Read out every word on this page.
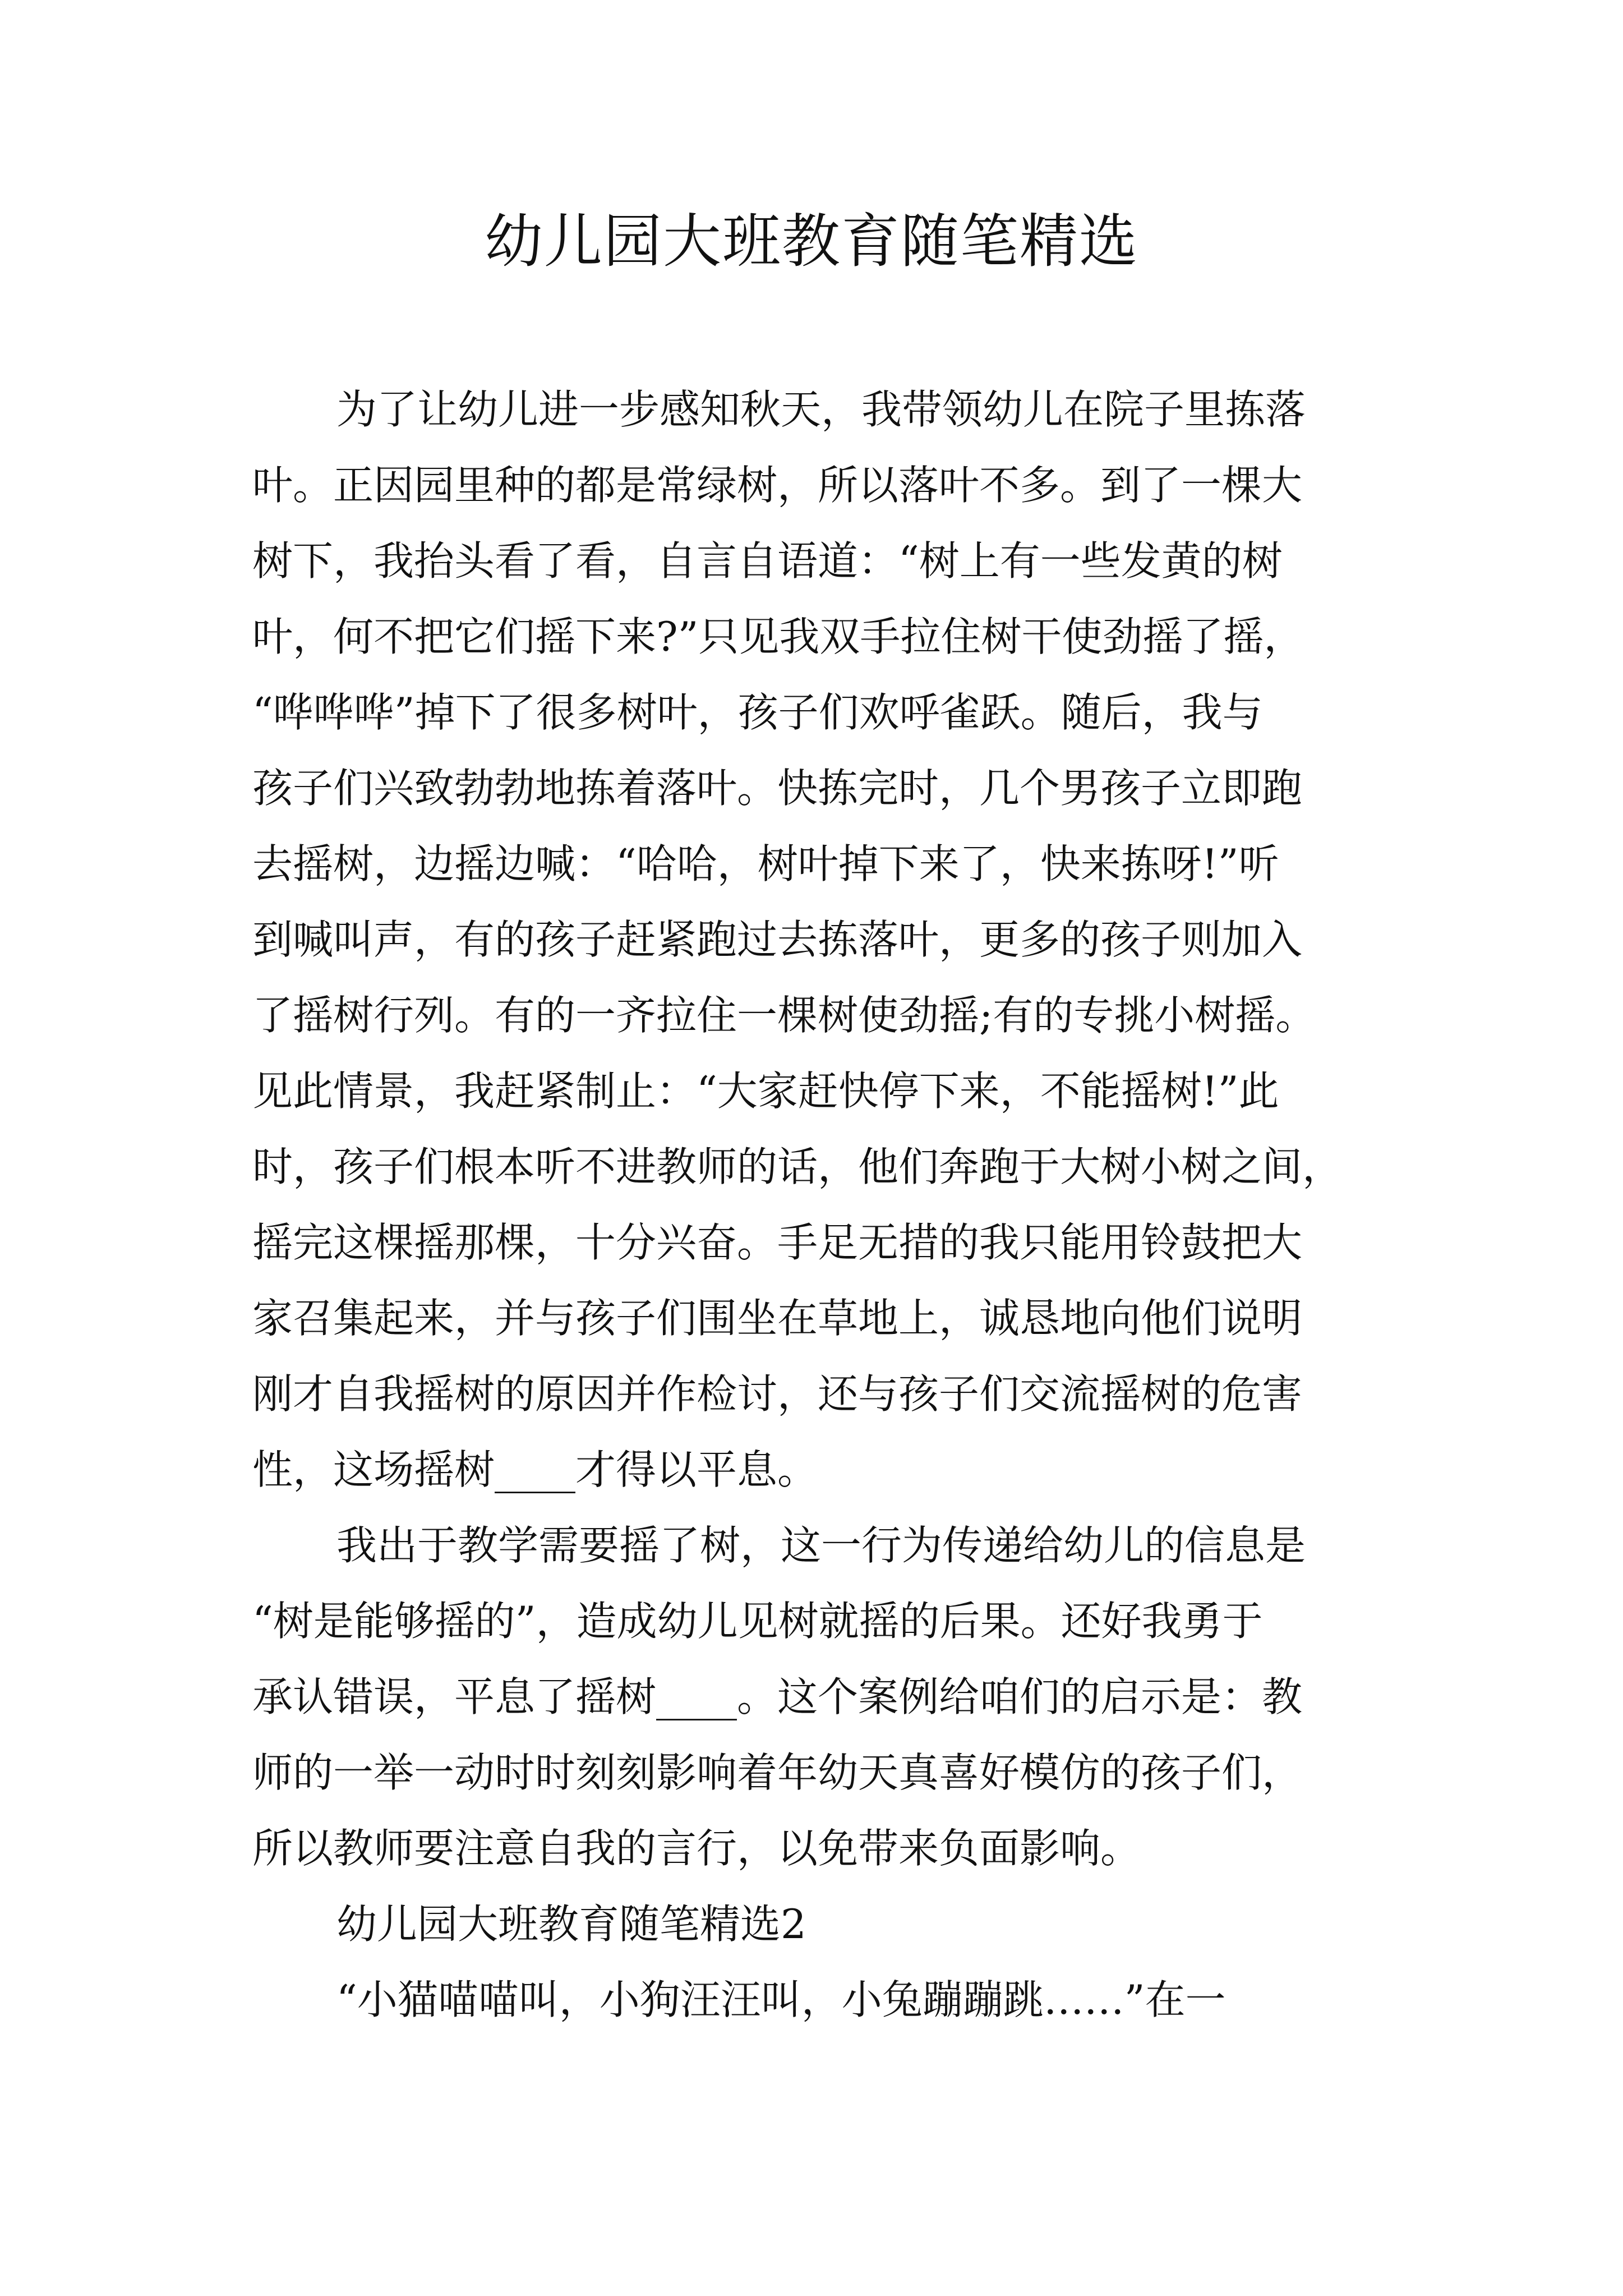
幼儿园大班教育随笔精选

为了让幼儿进一步感知秋天，我带领幼儿在院子里拣落

叶。正因园里种的都是常绿树，所以落叶不多。到了一棵大

树下，我抬头看了看，自言自语道：“树上有一些发黄的树

叶，何不把它们摇下来?”只见我双手拉住树干使劲摇了摇，

“哗哗哗”掉下了很多树叶，孩子们欢呼雀跃。随后，我与

孩子们兴致勃勃地拣着落叶。快拣完时，几个男孩子立即跑

去摇树，边摇边喊：“哈哈，树叶掉下来了，快来拣呀!”听

到喊叫声，有的孩子赶紧跑过去拣落叶，更多的孩子则加入

了摇树行列。有的一齐拉住一棵树使劲摇;有的专挑小树摇。

见此情景，我赶紧制止：“大家赶快停下来，不能摇树!”此

时，孩子们根本听不进教师的话，他们奔跑于大树小树之间，

摇完这棵摇那棵，十分兴奋。手足无措的我只能用铃鼓把大

家召集起来，并与孩子们围坐在草地上，诚恳地向他们说明

刚才自我摇树的原因并作检讨，还与孩子们交流摇树的危害

性，这场摇树____才得以平息。

我出于教学需要摇了树，这一行为传递给幼儿的信息是

“树是能够摇的”，造成幼儿见树就摇的后果。还好我勇于

承认错误，平息了摇树____。这个案例给咱们的启示是：教

师的一举一动时时刻刻影响着年幼天真喜好模仿的孩子们，

所以教师要注意自我的言行，以免带来负面影响。

幼儿园大班教育随笔精选2

“小猫喵喵叫，小狗汪汪叫，小兔蹦蹦跳……”在一
